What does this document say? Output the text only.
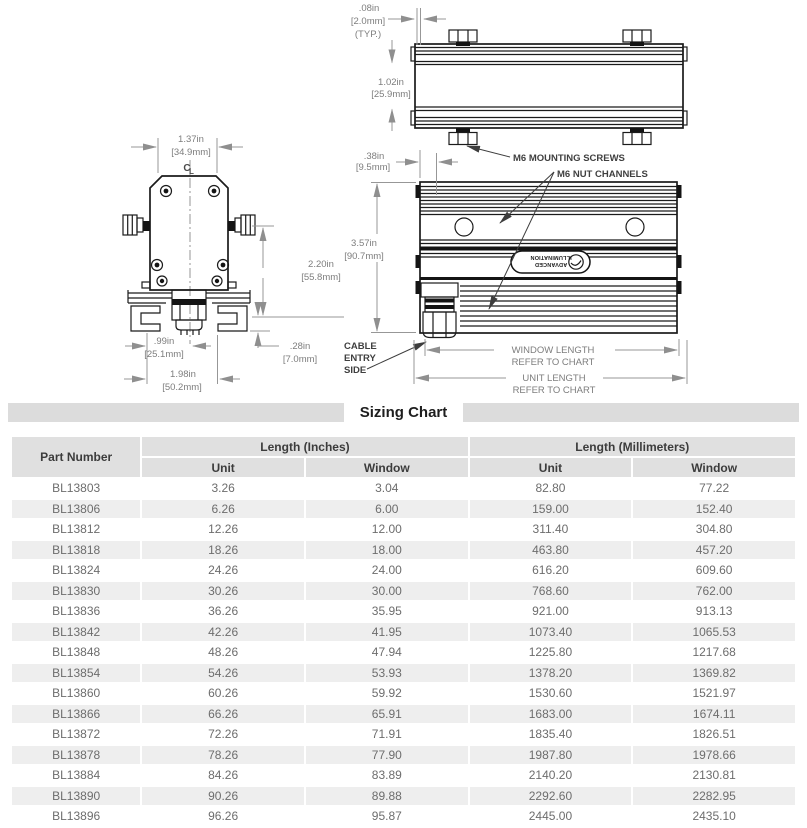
C
L
1.37in
[34.9mm]
2.20in
[55.8mm]
.99in
[25.1mm]
1.98in
[50.2mm]
.28in
[7.0mm]
.08in
[2.0mm]
(TYP.)
1.02in
[25.9mm]
ADVANCED
ILLUMINATION
M6 MOUNTING SCREWS
M6 NUT CHANNELS
CABLE
ENTRY
SIDE
.38in
[9.5mm]
3.57in
[90.7mm]
WINDOW LENGTH
REFER TO CHART
UNIT LENGTH
REFER TO CHART
Sizing Chart
Part Number	Length (Inches)		Length (Millimeters)	
	Unit	Window	Unit	Window
BL13803	3.26	3.04	82.80	77.22
BL13806	6.26	6.00	159.00	152.40
BL13812	12.26	12.00	311.40	304.80
BL13818	18.26	18.00	463.80	457.20
BL13824	24.26	24.00	616.20	609.60
BL13830	30.26	30.00	768.60	762.00
BL13836	36.26	35.95	921.00	913.13
BL13842	42.26	41.95	1073.40	1065.53
BL13848	48.26	47.94	1225.80	1217.68
BL13854	54.26	53.93	1378.20	1369.82
BL13860	60.26	59.92	1530.60	1521.97
BL13866	66.26	65.91	1683.00	1674.11
BL13872	72.26	71.91	1835.40	1826.51
BL13878	78.26	77.90	1987.80	1978.66
BL13884	84.26	83.89	2140.20	2130.81
BL13890	90.26	89.88	2292.60	2282.95
BL13896	96.26	95.87	2445.00	2435.10
